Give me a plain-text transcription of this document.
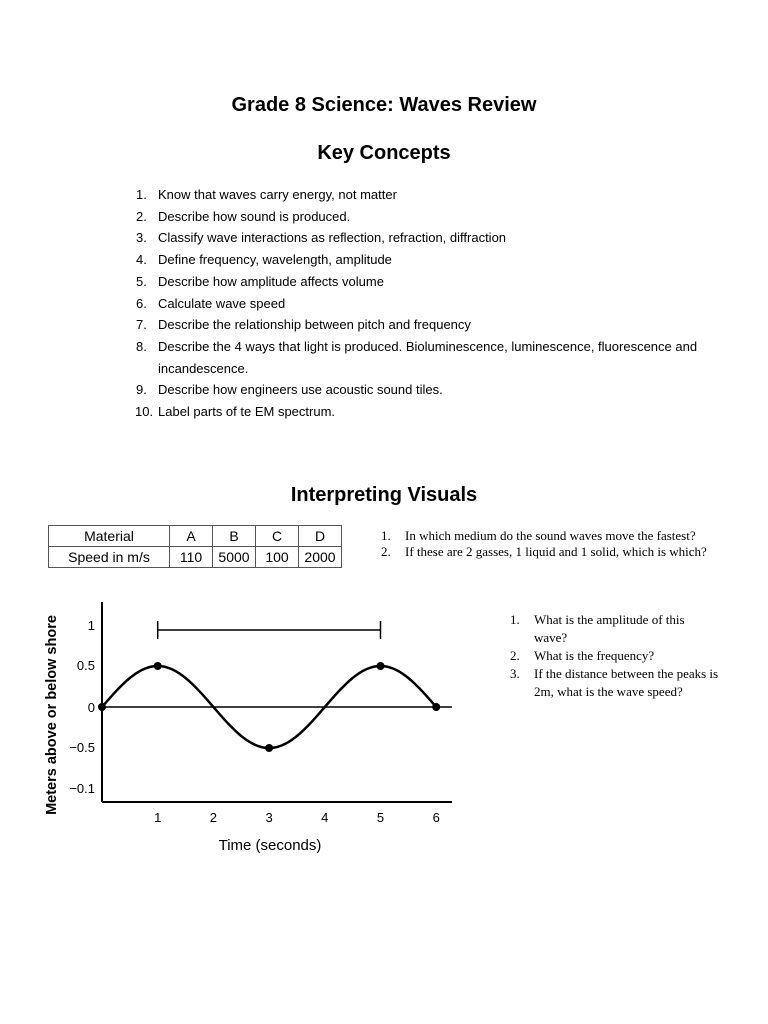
Grade 8 Science: Waves Review
Key Concepts
1. Know that waves carry energy, not matter
2. Describe how sound is produced.
3. Classify wave interactions as reflection, refraction, diffraction
4. Define frequency, wavelength, amplitude
5. Describe how amplitude affects volume
6. Calculate wave speed
7. Describe the relationship between pitch and frequency
8. Describe the 4 ways that light is produced. Bioluminescence, luminescence, fluorescence and incandescence.
9. Describe how engineers use acoustic sound tiles.
10. Label parts of te EM spectrum.
Interpreting Visuals
Material	A	B	C	D
Speed in m/s	110	5000	100	2000
1. In which medium do the sound waves move the fastest?
2. If these are 2 gasses, 1 liquid and 1 solid, which is which?
1. What is the amplitude of this wave?
2. What is the frequency?
3. If the distance between the peaks is 2m, what is the wave speed?
1
0.5
0
−0.5
−0.1
1	2	3	4	5	6
Time (seconds)
Meters above or below shore
